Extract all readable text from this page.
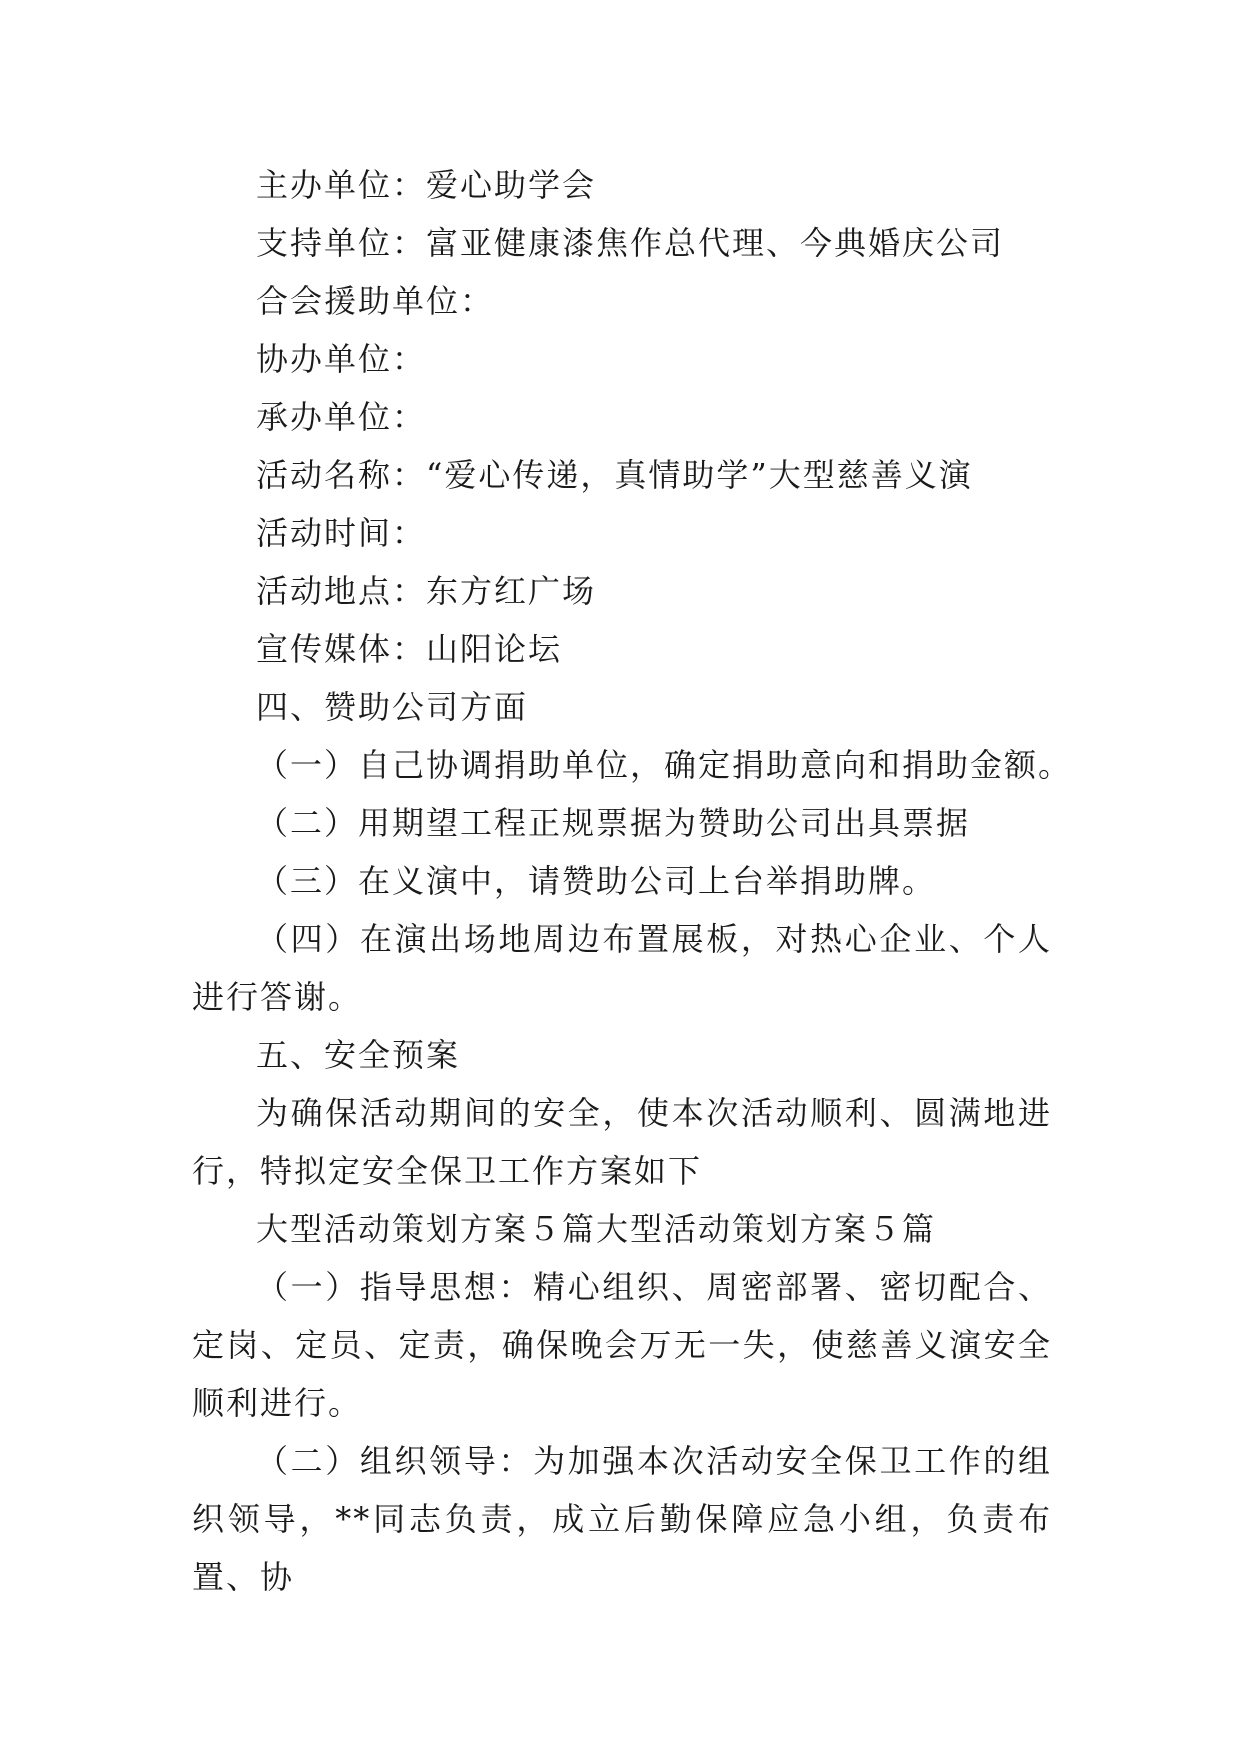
主办单位：爱心助学会

支持单位：富亚健康漆焦作总代理、今典婚庆公司

合会援助单位：

协办单位：

承办单位：

活动名称：“爱心传递，真情助学”大型慈善义演

活动时间：

活动地点：东方红广场

宣传媒体：山阳论坛

四、赞助公司方面

（一）自己协调捐助单位，确定捐助意向和捐助金额。

（二）用期望工程正规票据为赞助公司出具票据

（三）在义演中，请赞助公司上台举捐助牌。

（四）在演出场地周边布置展板，对热心企业、个人进行答谢。

五、安全预案

为确保活动期间的安全，使本次活动顺利、圆满地进行，特拟定安全保卫工作方案如下

大型活动策划方案５篇大型活动策划方案５篇

（一）指导思想：精心组织、周密部署、密切配合、定岗、定员、定责，确保晚会万无一失，使慈善义演安全顺利进行。

（二）组织领导：为加强本次活动安全保卫工作的组织领导，**同志负责，成立后勤保障应急小组，负责布置、协
